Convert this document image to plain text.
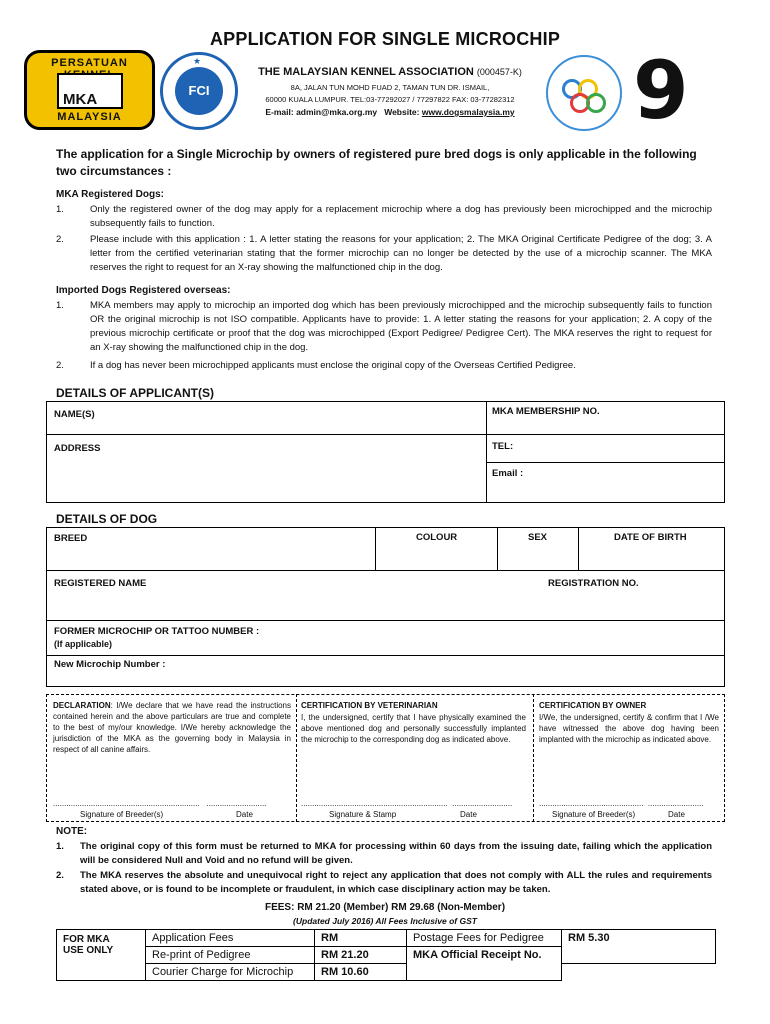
APPLICATION FOR SINGLE MICROCHIP
PERSATUAN
MKA
MALAYSIA
★
FCI
THE MALAYSIAN KENNEL ASSOCIATION (000457-K)
8A, JALAN TUN MOHD FUAD 2, TAMAN TUN DR. ISMAIL,
60000 KUALA LUMPUR. TEL:03-77292027 / 77297822 FAX: 03-77282312
E-mail: admin@mka.org.my Website: www.dogsmalaysia.my	9
The application for a Single Microchip by owners of registered pure bred dogs is only applicable in the following two circumstances :
MKA Registered Dogs:
1.	Only the registered owner of the dog may apply for a replacement microchip where a dog has previously been microchipped and the microchip subsequently fails to function.
2.	Please include with this application : 1. A letter stating the reasons for your application; 2. The MKA Original Certificate Pedigree of the dog; 3. A letter from the certified veterinarian stating that the former microchip can no longer be detected by the use of a microchip scanner. The MKA reserves the right to request for an X-ray showing the malfunctioned chip in the dog.
Imported Dogs Registered overseas:
1.	MKA members may apply to microchip an imported dog which has been previously microchipped and the microchip subsequently fails to function OR the original microchip is not ISO compatible. Applicants have to provide: 1. A letter stating the reasons for your application; 2. A copy of the previous microchip certificate or proof that the dog was microchipped (Export Pedigree/ Pedigree Cert). The MKA reserves the right to request for an X-ray showing the malfunctioned chip in the dog.
2.	If a dog has never been microchipped applicants must enclose the original copy of the Overseas Certified Pedigree.
DETAILS OF APPLICANT(S)
NAME(S)	MKA MEMBERSHIP NO.
ADDRESS	TEL:
Email :
DETAILS OF DOG
BREED	COLOUR	SEX	DATE OF BIRTH
REGISTERED NAME	REGISTRATION NO.
FORMER MICROCHIP OR TATTOO NUMBER :
(If applicable)
New Microchip Number :
DECLARATION: I/We declare that we have read the instructions contained herein and the above particulars are true and complete to the best of my/our knowledge. I/We hereby acknowledge the jurisdiction of the MKA as the governing body in Malaysia in respect of all canine affairs.
.................................................................. ...........................
Signature of Breeder(s)	Date
CERTIFICATION BY VETERINARIAN
I, the undersigned, certify that I have physically examined the above mentioned dog and personally successfully implanted the microchip to the corresponding dog as indicated above.
.................................................................. ...........................
Signature & Stamp	Date
CERTIFICATION BY OWNER
I/We, the undersigned, certify & confirm that I /We have witnessed the above dog having been implanted with the microchip as indicated above.
............................................... .........................
Signature of Breeder(s)	Date
NOTE:
1.	The original copy of this form must be returned to MKA for processing within 60 days from the issuing date, failing which the application will be considered Null and Void and no refund will be given.
2.	The MKA reserves the absolute and unequivocal right to reject any application that does not comply with ALL the rules and requirements stated above, or is found to be incomplete or fraudulent, in which case disciplinary action may be taken.
FEES: RM 21.20 (Member) RM 29.68 (Non-Member)
(Updated July 2016) All Fees Inclusive of GST
FOR MKA
USE ONLY	Application Fees	RM	Postage Fees for Pedigree	RM 5.30
	Re-print of Pedigree	RM 21.20	MKA Official Receipt No.	
	Courier Charge for Microchip	RM 10.60		
